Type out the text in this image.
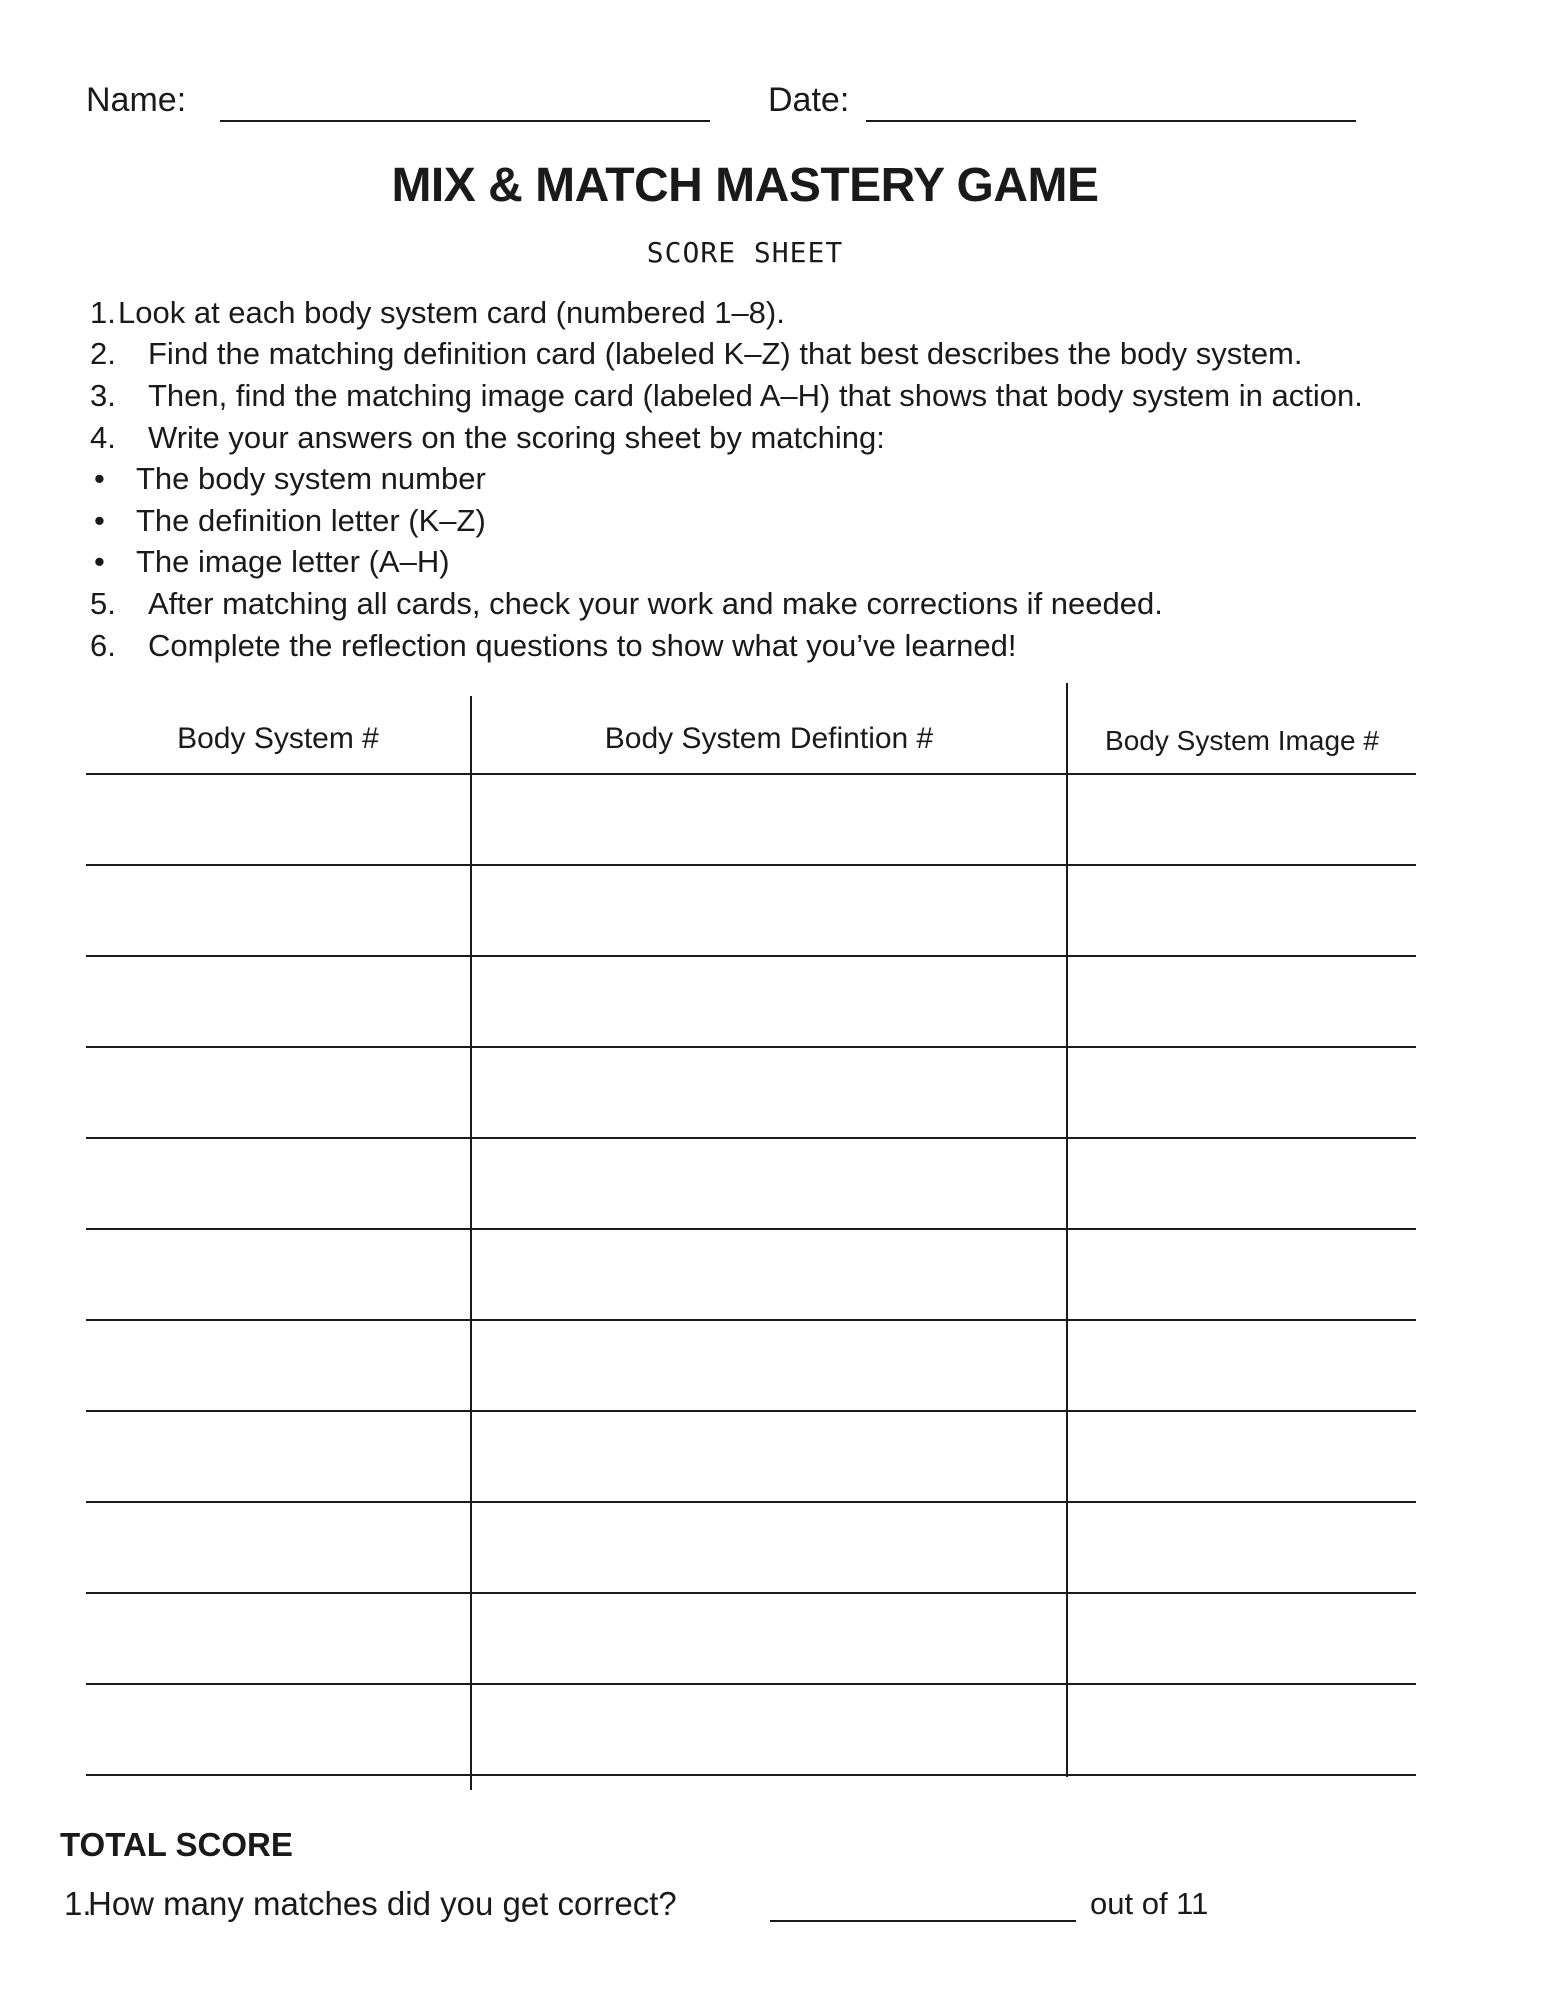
Name:	Date:
MIX & MATCH MASTERY GAME
SCORE SHEET
1. Look at each body system card (numbered 1–8).
2. Find the matching definition card (labeled K–Z) that best describes the body system.
3. Then, find the matching image card (labeled A–H) that shows that body system in action.
4. Write your answers on the scoring sheet by matching:
• The body system number
• The definition letter (K–Z)
• The image letter (A–H)
5. After matching all cards, check your work and make corrections if needed.
6. Complete the reflection questions to show what you’ve learned!
Body System #	Body System Defintion #	Body System Image #
TOTAL SCORE
1.
How many matches did you get correct?	out of 11
